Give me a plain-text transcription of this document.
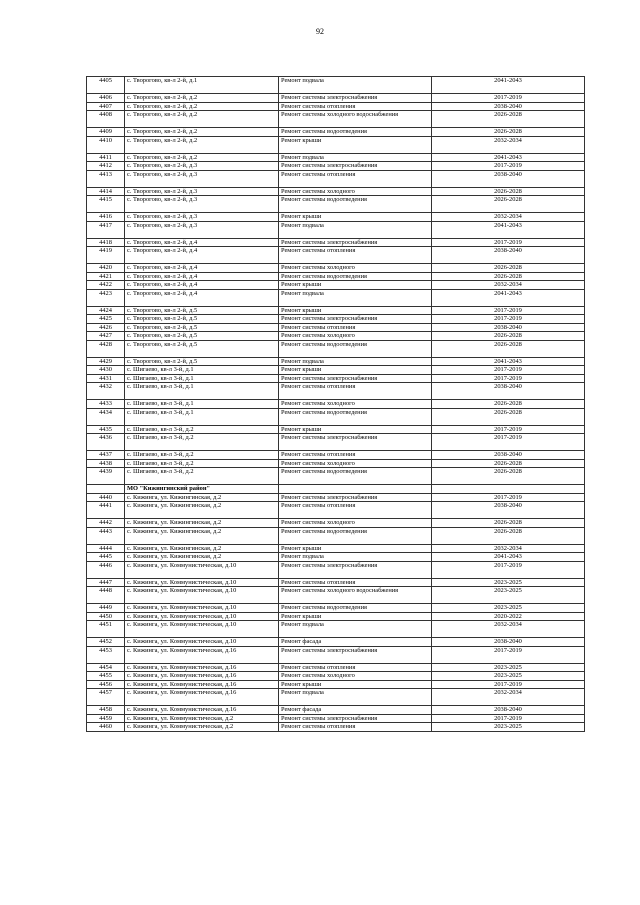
92
4405	с. Творогово, кв-л 2-й, д.1	Ремонт подвала	2041-2043
4406	с. Творогово, кв-л 2-й, д.2	Ремонт системы электроснабжения	2017-2019
4407	с. Творогово, кв-л 2-й, д.2	Ремонт системы отопления	2038-2040
4408	с. Творогово, кв-л 2-й, д.2	Ремонт системы холодного водоснабжения	2026-2028
4409	с. Творогово, кв-л 2-й, д.2	Ремонт системы водоотведения	2026-2028
4410	с. Творогово, кв-л 2-й, д.2	Ремонт крыши	2032-2034
4411	с. Творогово, кв-л 2-й, д.2	Ремонт подвала	2041-2043
4412	с. Творогово, кв-л 2-й, д.3	Ремонт системы электроснабжения	2017-2019
4413	с. Творогово, кв-л 2-й, д.3	Ремонт системы отопления	2038-2040
4414	с. Творогово, кв-л 2-й, д.3	Ремонт системы холодного	2026-2028
4415	с. Творогово, кв-л 2-й, д.3	Ремонт системы водоотведения	2026-2028
4416	с. Творогово, кв-л 2-й, д.3	Ремонт крыши	2032-2034
4417	с. Творогово, кв-л 2-й, д.3	Ремонт подвала	2041-2043
4418	с. Творогово, кв-л 2-й, д.4	Ремонт системы электроснабжения	2017-2019
4419	с. Творогово, кв-л 2-й, д.4	Ремонт системы отопления	2038-2040
4420	с. Творогово, кв-л 2-й, д.4	Ремонт системы холодного	2026-2028
4421	с. Творогово, кв-л 2-й, д.4	Ремонт системы водоотведения	2026-2028
4422	с. Творогово, кв-л 2-й, д.4	Ремонт крыши	2032-2034
4423	с. Творогово, кв-л 2-й, д.4	Ремонт подвала	2041-2043
4424	с. Творогово, кв-л 2-й, д.5	Ремонт крыши	2017-2019
4425	с. Творогово, кв-л 2-й, д.5	Ремонт системы электроснабжения	2017-2019
4426	с. Творогово, кв-л 2-й, д.5	Ремонт системы отопления	2038-2040
4427	с. Творогово, кв-л 2-й, д.5	Ремонт системы холодного	2026-2028
4428	с. Творогово, кв-л 2-й, д.5	Ремонт системы водоотведения	2026-2028
4429	с. Творогово, кв-л 2-й, д.5	Ремонт подвала	2041-2043
4430	с. Шигаево, кв-л 3-й, д.1	Ремонт крыши	2017-2019
4431	с. Шигаево, кв-л 3-й, д.1	Ремонт системы электроснабжения	2017-2019
4432	с. Шигаево, кв-л 3-й, д.1	Ремонт системы отопления	2038-2040
4433	с. Шигаево, кв-л 3-й, д.1	Ремонт системы холодного	2026-2028
4434	с. Шигаево, кв-л 3-й, д.1	Ремонт системы водоотведения	2026-2028
4435	с. Шигаево, кв-л 3-й, д.2	Ремонт крыши	2017-2019
4436	с. Шигаево, кв-л 3-й, д.2	Ремонт системы электроснабжения	2017-2019
4437	с. Шигаево, кв-л 3-й, д.2	Ремонт системы отопления	2038-2040
4438	с. Шигаево, кв-л 3-й, д.2	Ремонт системы холодного	2026-2028
4439	с. Шигаево, кв-л 3-й, д.2	Ремонт системы водоотведения	2026-2028
	МО "Кижингинский район"		
4440	с. Кижинга, ул. Кижингинская, д.2	Ремонт системы электроснабжения	2017-2019
4441	с. Кижинга, ул. Кижингинская, д.2	Ремонт системы отопления	2038-2040
4442	с. Кижинга, ул. Кижингинская, д.2	Ремонт системы холодного	2026-2028
4443	с. Кижинга, ул. Кижингинская, д.2	Ремонт системы водоотведения	2026-2028
4444	с. Кижинга, ул. Кижингинская, д.2	Ремонт крыши	2032-2034
4445	с. Кижинга, ул. Кижингинская, д.2	Ремонт подвала	2041-2043
4446	с. Кижинга, ул. Коммунистическая, д.10	Ремонт системы электроснабжения	2017-2019
4447	с. Кижинга, ул. Коммунистическая, д.10	Ремонт системы отопления	2023-2025
4448	с. Кижинга, ул. Коммунистическая, д.10	Ремонт системы холодного водоснабжения	2023-2025
4449	с. Кижинга, ул. Коммунистическая, д.10	Ремонт системы водоотведения	2023-2025
4450	с. Кижинга, ул. Коммунистическая, д.10	Ремонт крыши	2020-2022
4451	с. Кижинга, ул. Коммунистическая, д.10	Ремонт подвала	2032-2034
4452	с. Кижинга, ул. Коммунистическая, д.10	Ремонт фасада	2038-2040
4453	с. Кижинга, ул. Коммунистическая, д.16	Ремонт системы электроснабжения	2017-2019
4454	с. Кижинга, ул. Коммунистическая, д.16	Ремонт системы отопления	2023-2025
4455	с. Кижинга, ул. Коммунистическая, д.16	Ремонт системы холодного	2023-2025
4456	с. Кижинга, ул. Коммунистическая, д.16	Ремонт крыши	2017-2019
4457	с. Кижинга, ул. Коммунистическая, д.16	Ремонт подвала	2032-2034
4458	с. Кижинга, ул. Коммунистическая, д.16	Ремонт фасада	2038-2040
4459	с. Кижинга, ул. Коммунистическая, д.2	Ремонт системы электроснабжения	2017-2019
4460	с. Кижинга, ул. Коммунистическая, д.2	Ремонт системы отопления	2023-2025
